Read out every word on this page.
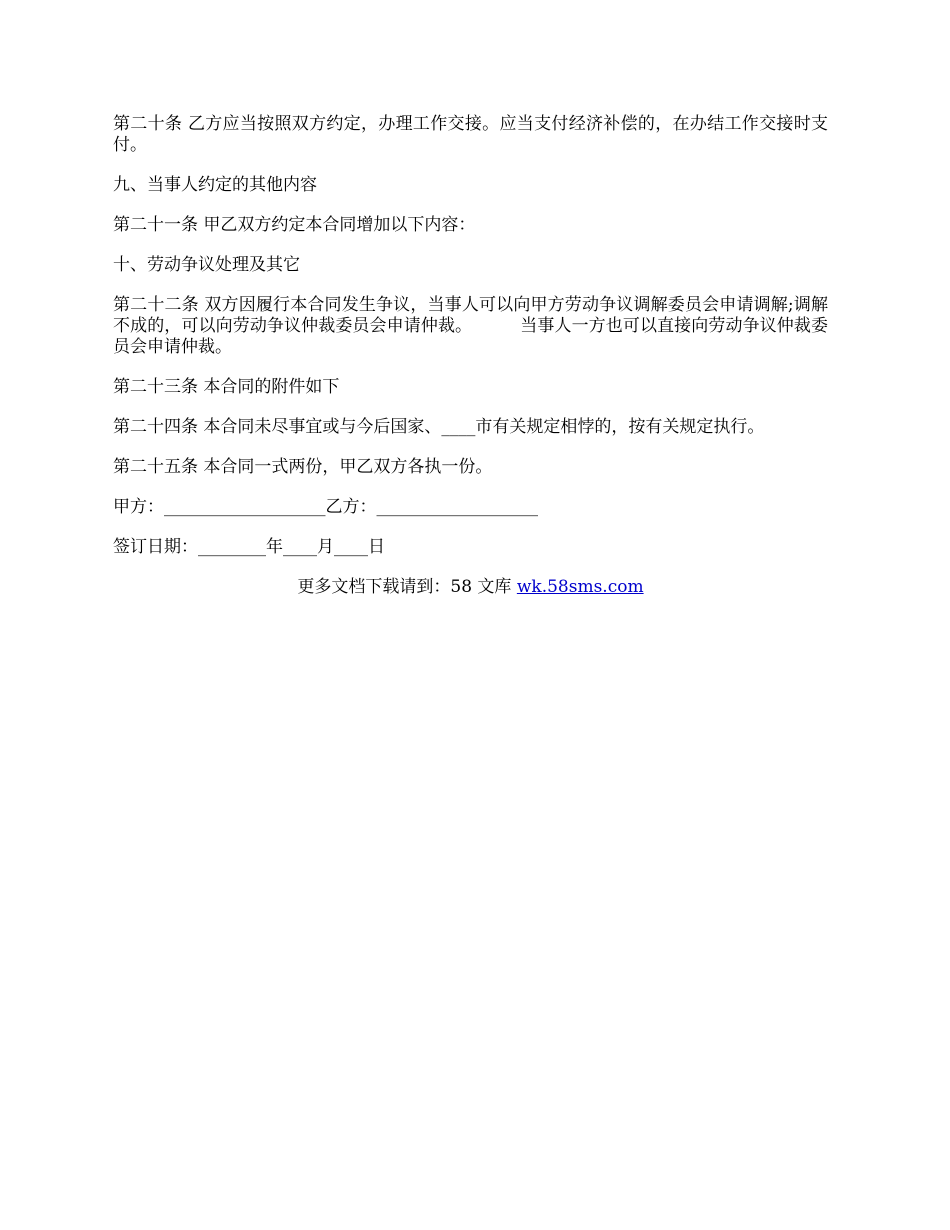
第二十条 乙方应当按照双方约定，办理工作交接。应当支付经济补偿的，在办结工作交接时支付。

九、当事人约定的其他内容

第二十一条 甲乙双方约定本合同增加以下内容：

十、劳动争议处理及其它

第二十二条 双方因履行本合同发生争议，当事人可以向甲方劳动争议调解委员会申请调解;调解不成的，可以向劳动争议仲裁委员会申请仲裁。	当事人一方也可以直接向劳动争议仲裁委员会申请仲裁。

第二十三条 本合同的附件如下

第二十四条 本合同未尽事宜或与今后国家、____市有关规定相悖的，按有关规定执行。

第二十五条 本合同一式两份，甲乙双方各执一份。

甲方：___________________乙方：___________________

签订日期：________年____月____日

更多文档下载请到：58 文库 wk.58sms.com
